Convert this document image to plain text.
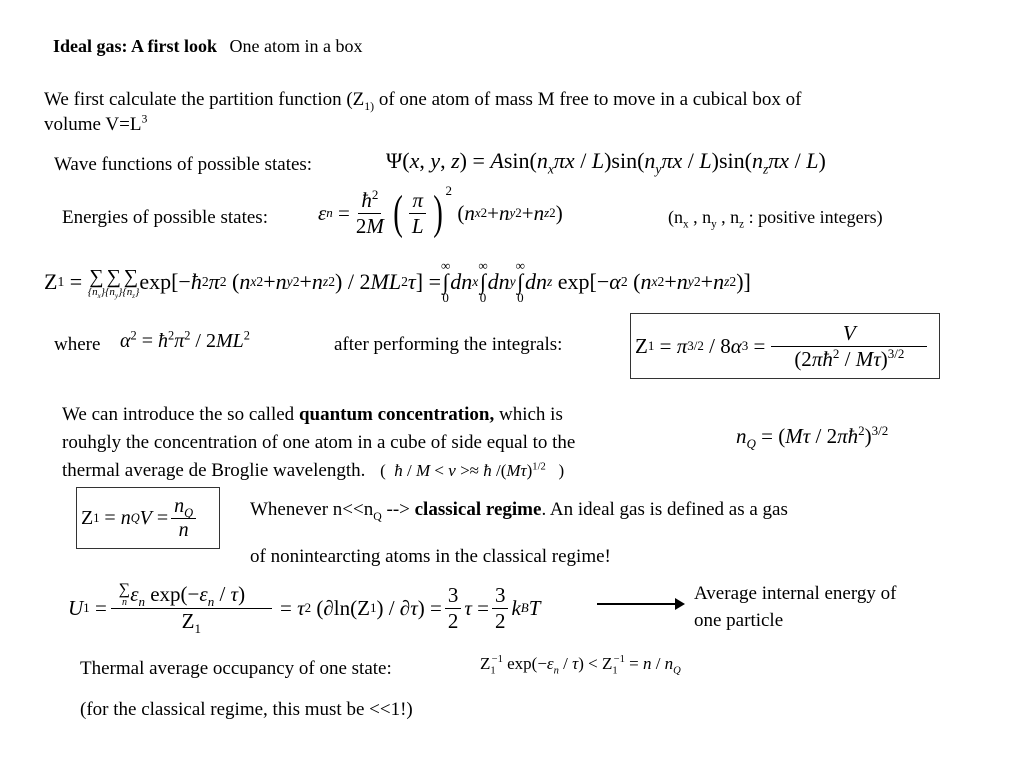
Ideal gas: A first look One atom in a box
We first calculate the partition function ($Z_{1)}$ of one atom of mass M free to move in a cubical box of
volume $V=L^3$
Wave functions of possible states:	Ψ(x, y, $z) = Asin(n_x\pi x / L)\sin(n_y\pi x / L)\sin(n_z\pi x / L)$
Energies of possible states: ε $n = \frac{ħ^2}{2M}$ ( $\frac{\pi}{L} )^2$
( n x 2 + n y 2 + n z 2 )	($n_x$ , $n_y$ , $n_z$ : positive integers)
Z 1 = ∑
$\{n_x\}$
∑
$\{n_y\}$
∑
$\{n_z\}$ exp[− ħ 2 π 2 ( n x 2 + n y 2 + n z 2 ) / 2 ML 2 τ ] =
∞
∫
0
dn x
∞
∫
0
dn y
∞
∫
0
dn z exp[− α 2 ( n x 2 + n y 2 + n z 2 )]
where $\alpha^2$ = $ħ^2\pi^2 / 2ML^2$	after performing the integrals:	Z 1 = π 3/2 / 8 α $3 = \frac{V}{(2\pi ħ^2 / M\tau)^{3/2}}$
We can introduce the so called quantum concentration, which is
rouhgly the concentration of one atom in a cube of side equal to the
thermal average de Broglie wavelength. (  ħ / M < v >≈ ħ $/(M\tau)^{1/2}$   )
$n_Q = (M\tau$ / $2\pi ħ^2)^{3/2}$
Z 1 = n Q $V = \frac{n_Q}{n}$	Whenever $n<<n_Q$ --> classical regime. An ideal gas is defined as a gas
of nonintearcting atoms in the classical regime!
U 1 = ∑
n $\varepsilon_n$ $\exp(-\varepsilon_n / \tau)$
$Z_1 = \tau$ 2 (∂ln(Z 1 ) / ∂ τ ) = $\frac{3}{2}$ $\tau = \frac{3}{2}$ k B T
Average internal energy of
one particle
Thermal average occupancy of one state:	$Z_1^{-1}$ $\exp(-\varepsilon_n / \tau) < Z_1^{-1} = n / n_Q$
(for the classical regime, this must be <<1!)
